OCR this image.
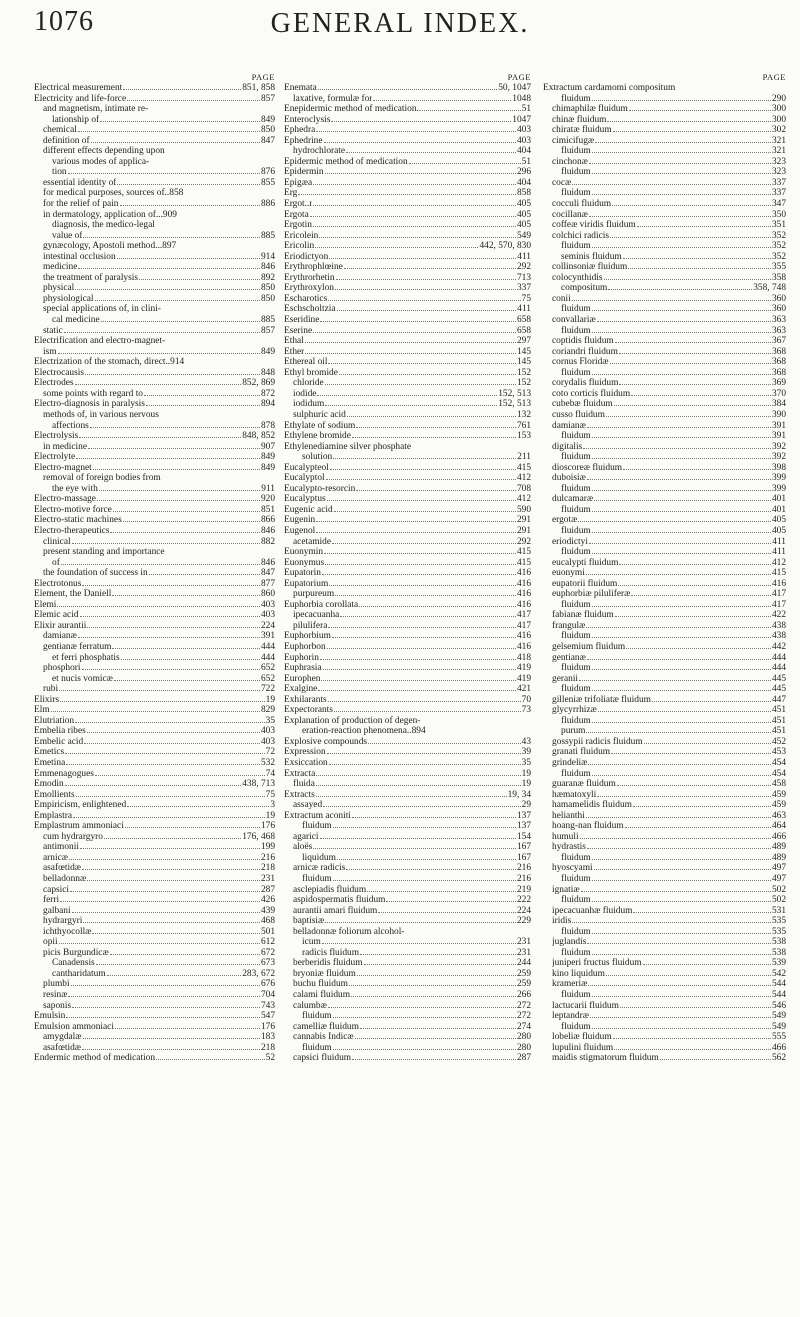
1076	GENERAL INDEX.
PAGE
Electrical measurement	851, 858
Electricity and life-force	857
and magnetism, intimate re-
lationship of	849
chemical	850
definition of	847
different effects depending upon
various modes of applica-
tion	876
essential identity of	855
for medical purposes, sources of..858
for the relief of pain	886
in dermatology, application of...909
diagnosis, the medico-legal
value of	885
gynæcology, Apostoli method...897
intestinal occlusion	914
medicine	846
the treatment of paralysis	892
physical	850
physiological	850
special applications of, in clini-
cal medicine	885
static	857
Electrification and electro-magnet-
ism	849
Electrization of the stomach, direct..914
Electrocausis	848
Electrodes	852, 869
some points with regard to	872
Electro-diagnosis in paralysis	894
methods of, in various nervous
affections	878
Electrolysis	848, 852
in medicine	907
Electrolyte	849
Electro-magnet	849
removal of foreign bodies from
the eye with	911
Electro-massage	920
Electro-motive force	851
Electro-static machines	866
Electro-therapeutics	846
clinical	882
present standing and importance
of	846
the foundation of success in	847
Electrotonus	877
Element, the Daniell	860
Elemi	403
Elemic acid	403
Elixir aurantii	224
damianæ	391
gentianæ ferratum	444
et ferri phosphatis	444
phosphori	652
et nucis vomicæ	652
rubi	722
Elixirs	19
Elm	829
Elutriation	35
Embelia ribes	403
Embelic acid	403
Emetics	72
Emetina	532
Emmenagogues	74
Emodin	438, 713
Emollients	75
Empiricism, enlightened	3
Emplastra	19
Emplastrum ammoniaci	176
cum hydrargyro	176, 468
antimonii	199
arnicæ	216
asafœtidæ	218
belladonnæ	231
capsici	287
ferri	426
galbani	439
hydrargyri	468
ichthyocollæ	501
opii	612
picis Burgundicæ	672
Canadensis	673
cantharidatum	283, 672
plumbi	676
resinæ	704
saponis	743
Emulsin	547
Emulsion ammoniaci	176
amygdalæ	183
asafœtidæ	218
Endermic method of medication	52
PAGE
Enemata	50, 1047
laxative, formulæ for	1048
Enepidermic method of medication..	51
Enteroclysis	1047
Ephedra	403
Ephedrine	403
hydrochlorate	404
Epidermic method of medication	51
Epidermin	296
Epigæa	404
Erg	858
Ergot..r	405
Ergota	405
Ergotin	405
Ericolein	549
Ericolin	442, 570, 830
Eriodictyon	411
Erythrophlœine	292
Erythrorhetin	713
Erythroxylon	337
Escharotics	75
Eschscholtzia	411
Eseridine	658
Eserine	658
Ethal	297
Ether	145
Ethereal oil	145
Ethyl bromide	152
chloride	152
iodide	152, 513
iodidum	152, 513
sulphuric acid	132
Ethylate of sodium	761
Ethylene bromide	153
Ethylenediamine silver phosphate
solution	211
Eucalypteol	415
Eucalyptol	412
Eucalypto-resorcin	708
Eucalyptus	412
Eugenic acid	590
Eugenin	291
Eugenol	291
acetamide	292
Euonymin	415
Euonymus	415
Eupatorin	416
Eupatorium	416
purpureum	416
Euphorbia corollata	416
ipecacuanha	417
pilulifera	417
Euphorbium	416
Euphorbon	416
Euphorin	418
Euphrasia	419
Europhen	419
Exalgine	421
Exhilarants	70
Expectorants	73
Explanation of production of degen-
eration-reaction phenomena..894
Explosive compounds	43
Expression	39
Exsiccation	35
Extracta	19
fluida	19
Extracts	19, 34
assayed	29
Extractum aconiti	137
fluidum	137
agarici	154
aloës	167
liquidum	167
arnicæ radicis	216
fluidum	216
asclepiadis fluidum	219
aspidospermatis fluidum	222
aurantii amari fluidum	224
baptisiæ	229
belladonnæ foliorum alcohol-
icum	231
radicis fluidum	231
berberidis fluidum	244
bryoniæ fluidum	259
buchu fluidum	259
calami fluidum	266
calumbæ	272
fluidum	272
camelliæ fluidum	274
cannabis Indicæ	280
fluidum	280
capsici fluidum	287
PAGE
Extractum cardamomi compositum
fluidum	290
chimaphilæ fluidum	300
chinæ fluidum	300
chiratæ fluidum	302
cimicifugæ	321
fluidum	321
cinchonæ	323
fluidum	323
cocæ	337
fluidum	337
cocculi fluidum	347
cocillanæ	350
coffeæ viridis fluidum	351
colchici radicis	352
fluidum	352
seminis fluidum	352
collinsoniæ fluidum	355
colocynthidis	358
compositum	358, 748
conii	360
fluidum	360
convallariæ	363
fluidum	363
coptidis fluidum	367
coriandri fluidum	368
cornus Floridæ	368
fluidum	368
corydalis fluidum	369
coto corticis fluidum	370
cubebæ fluidum	384
cusso fluidum	390
damianæ	391
fluidum	391
digitalis	392
fluidum	392
dioscoreæ fluidum	398
duboisiæ	399
fluidum	399
dulcamaræ	401
fluidum	401
ergotæ	405
fluidum	405
eriodictyi	411
fluidum	411
eucalypti fluidum	412
euonymi	415
eupatorii fluidum	416
euphorbiæ piluliferæ	417
fluidum	417
fabianæ fluidum	422
frangulæ	438
fluidum	438
gelsemium fluidum	442
gentianæ	444
fluidum	444
geranii	445
fluidum	445
gilleniæ trifoliatæ fluidum	447
glycyrrhizæ	451
fluidum	451
purum	451
gossypii radicis fluidum	452
granati fluidum	453
grindeliæ	454
fluidum	454
guaranæ fluidum	458
hæmatoxyli	459
hamamelidis fluidum	459
helianthi	463
hoang-nan fluidum	464
humuli	466
hydrastis	489
fluidum	489
hyoscyami	497
fluidum	497
ignatiæ	502
fluidum	502
ipecacuanhæ fluidum	531
iridis	535
fluidum	535
juglandis	538
fluidum	538
juniperi fructus fluidum	539
kino liquidum	542
krameriæ	544
fluidum	544
lactucarii fluidum	546
leptandræ	549
fluidum	549
lobeliæ fluidum	555
lupulini fluidum	466
maidis stigmatorum fluidum	562
